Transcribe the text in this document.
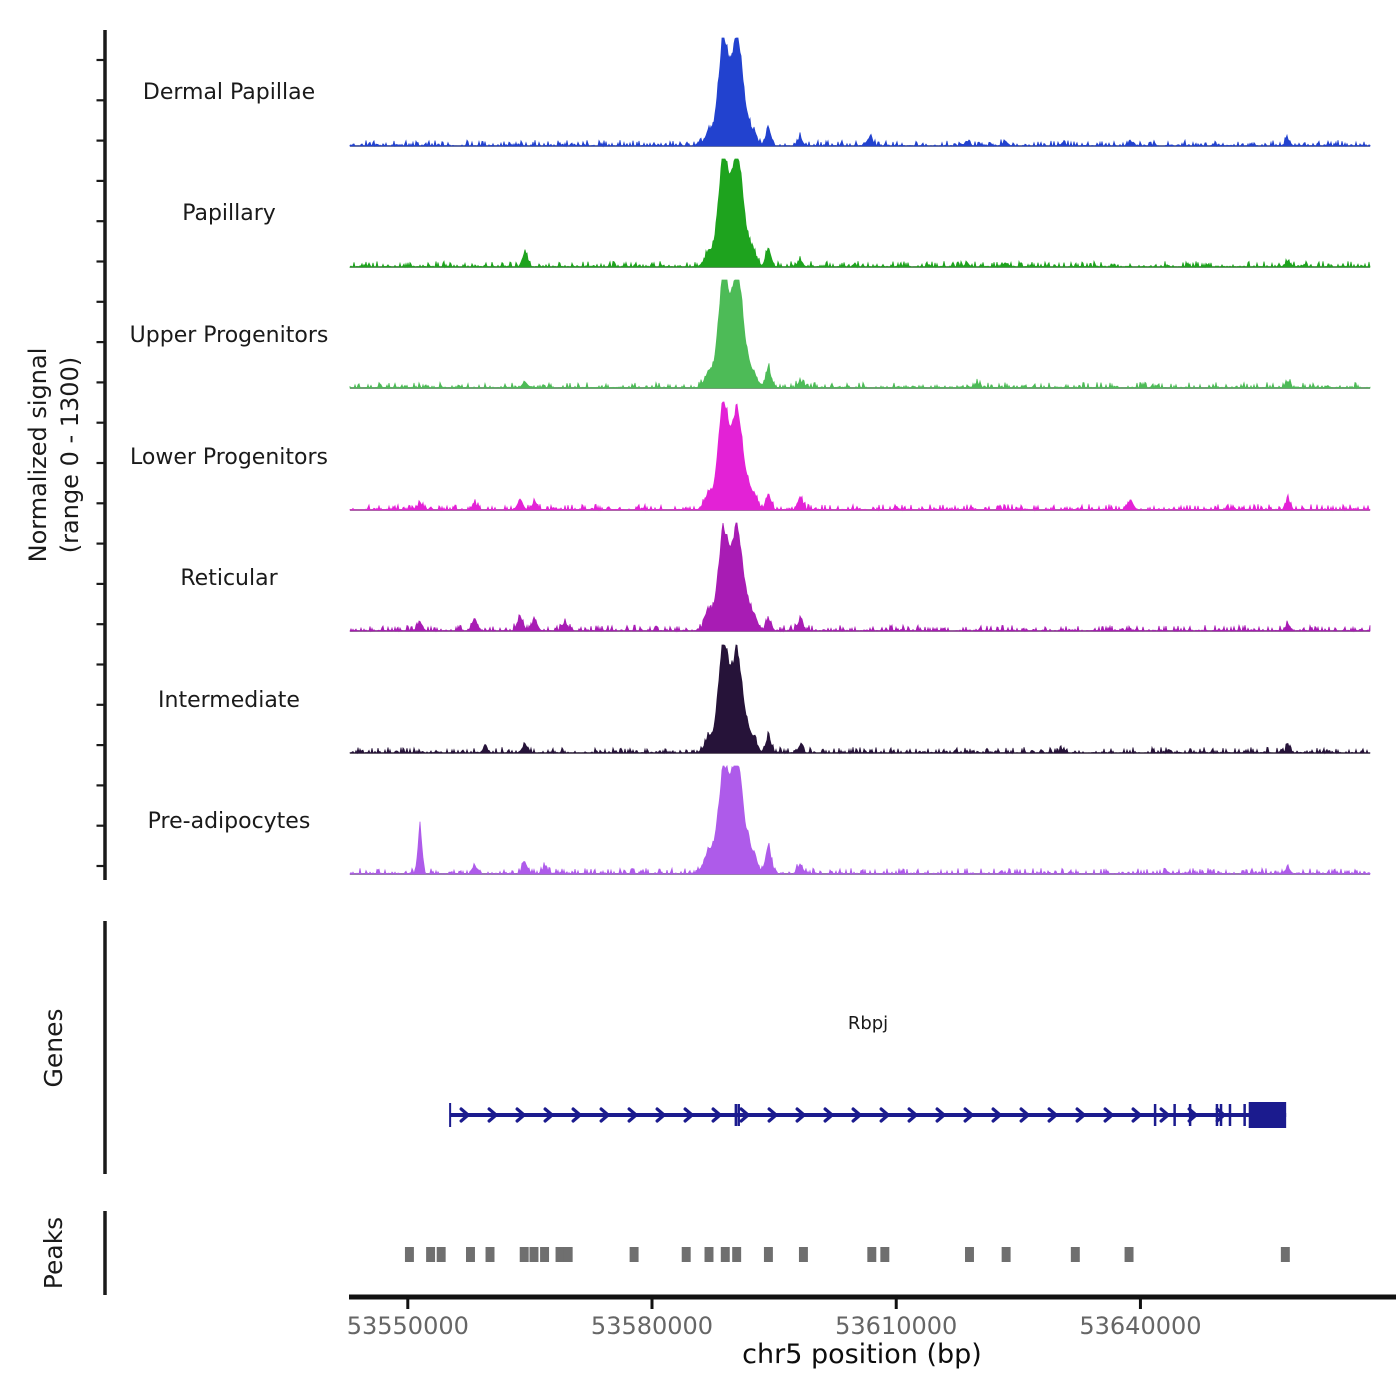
Normalized signal (range 0 - 1300)
Dermal Papillae
Papillary
Upper Progenitors
Lower Progenitors
Reticular
Intermediate
Pre-adipocytes
Genes	Rbpj
Peaks
53550000	53580000	53610000	53640000
chr5 position (bp)
